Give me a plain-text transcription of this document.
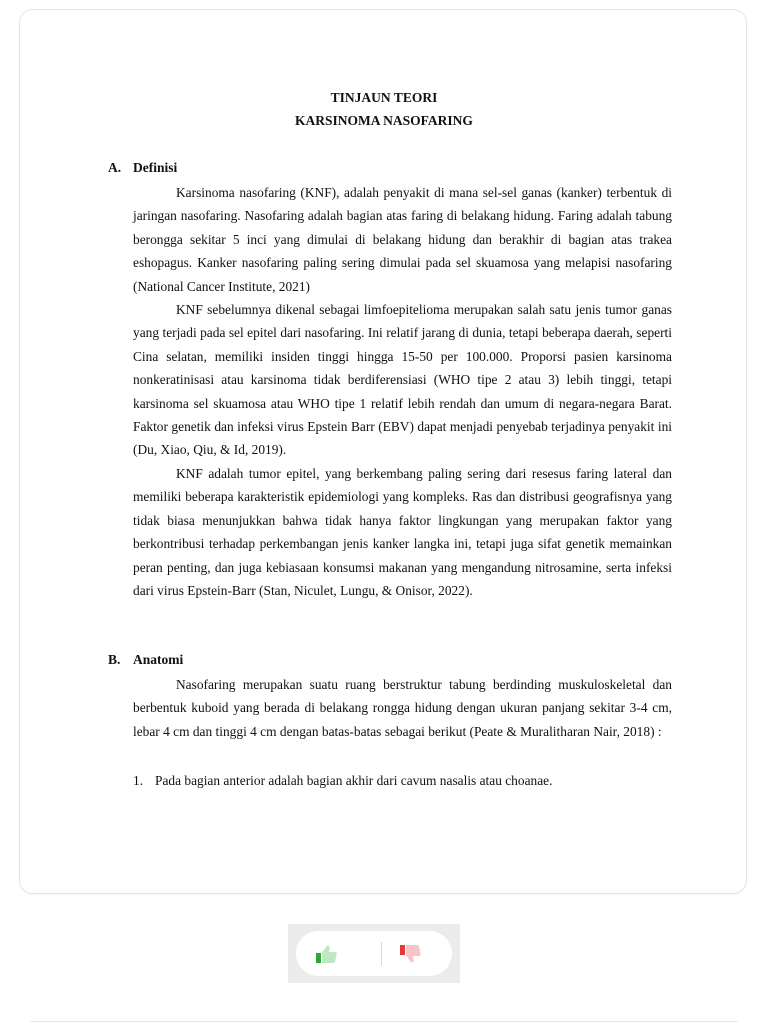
TINJAUN TEORI
KARSINOMA NASOFARING
A. Definisi

Karsinoma nasofaring (KNF), adalah penyakit di mana sel-sel ganas (kanker) terbentuk di jaringan nasofaring. Nasofaring adalah bagian atas faring di belakang hidung. Faring adalah tabung berongga sekitar 5 inci yang dimulai di belakang hidung dan berakhir di bagian atas trakea eshopagus. Kanker nasofaring paling sering dimulai pada sel skuamosa yang melapisi nasofaring (National Cancer Institute, 2021)

KNF sebelumnya dikenal sebagai limfoepitelioma merupakan salah satu jenis tumor ganas yang terjadi pada sel epitel dari nasofaring. Ini relatif jarang di dunia, tetapi beberapa daerah, seperti Cina selatan, memiliki insiden tinggi hingga 15-50 per 100.000. Proporsi pasien karsinoma nonkeratinisasi atau karsinoma tidak berdiferensiasi (WHO tipe 2 atau 3) lebih tinggi, tetapi karsinoma sel skuamosa atau WHO tipe 1 relatif lebih rendah dan umum di negara-negara Barat. Faktor genetik dan infeksi virus Epstein Barr (EBV) dapat menjadi penyebab terjadinya penyakit ini (Du, Xiao, Qiu, & Id, 2019).

KNF adalah tumor epitel, yang berkembang paling sering dari resesus faring lateral dan memiliki beberapa karakteristik epidemiologi yang kompleks. Ras dan distribusi geografisnya yang tidak biasa menunjukkan bahwa tidak hanya faktor lingkungan yang merupakan faktor yang berkontribusi terhadap perkembangan jenis kanker langka ini, tetapi juga sifat genetik memainkan peran penting, dan juga kebiasaan konsumsi makanan yang mengandung nitrosamine, serta infeksi dari virus Epstein-Barr (Stan, Niculet, Lungu, & Onisor, 2022).

B. Anatomi

Nasofaring merupakan suatu ruang berstruktur tabung berdinding muskuloskeletal dan berbentuk kuboid yang berada di belakang rongga hidung dengan ukuran panjang sekitar 3-4 cm, lebar 4 cm dan tinggi 4 cm dengan batas-batas sebagai berikut (Peate & Muralitharan Nair, 2018) :

1. Pada bagian anterior adalah bagian akhir dari cavum nasalis atau choanae.
